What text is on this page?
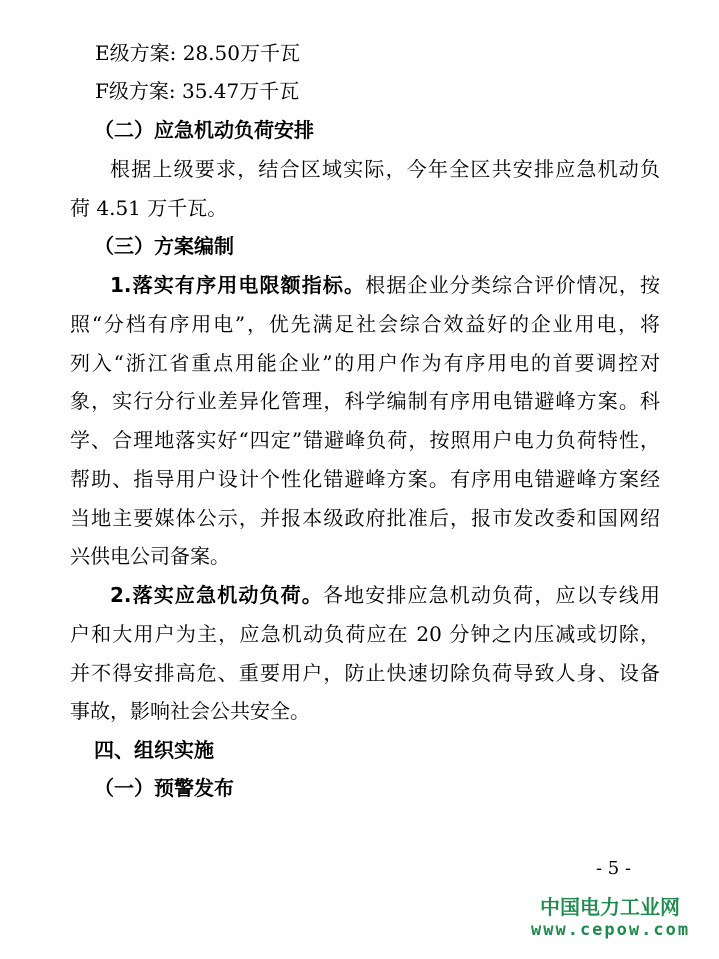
E级方案: 28.50万千瓦
F级方案: 35.47万千瓦
（二）应急机动负荷安排
根据上级要求，结合区域实际，今年全区共安排应急机动负
荷 4.51 万千瓦。
（三）方案编制
1.落实有序用电限额指标。根据企业分类综合评价情况，按
照“分档有序用电”，优先满足社会综合效益好的企业用电，将
列入“浙江省重点用能企业”的用户作为有序用电的首要调控对
象，实行分行业差异化管理，科学编制有序用电错避峰方案。科
学、合理地落实好“四定”错避峰负荷，按照用户电力负荷特性，
帮助、指导用户设计个性化错避峰方案。有序用电错避峰方案经
当地主要媒体公示，并报本级政府批准后，报市发改委和国网绍
兴供电公司备案。
2.落实应急机动负荷。各地安排应急机动负荷，应以专线用
户和大用户为主，应急机动负荷应在 20 分钟之内压减或切除，
并不得安排高危、重要用户，防止快速切除负荷导致人身、设备
事故，影响社会公共安全。
四、组织实施
（一）预警发布
- 5 -
中国电力工业网
www.cepow.com
